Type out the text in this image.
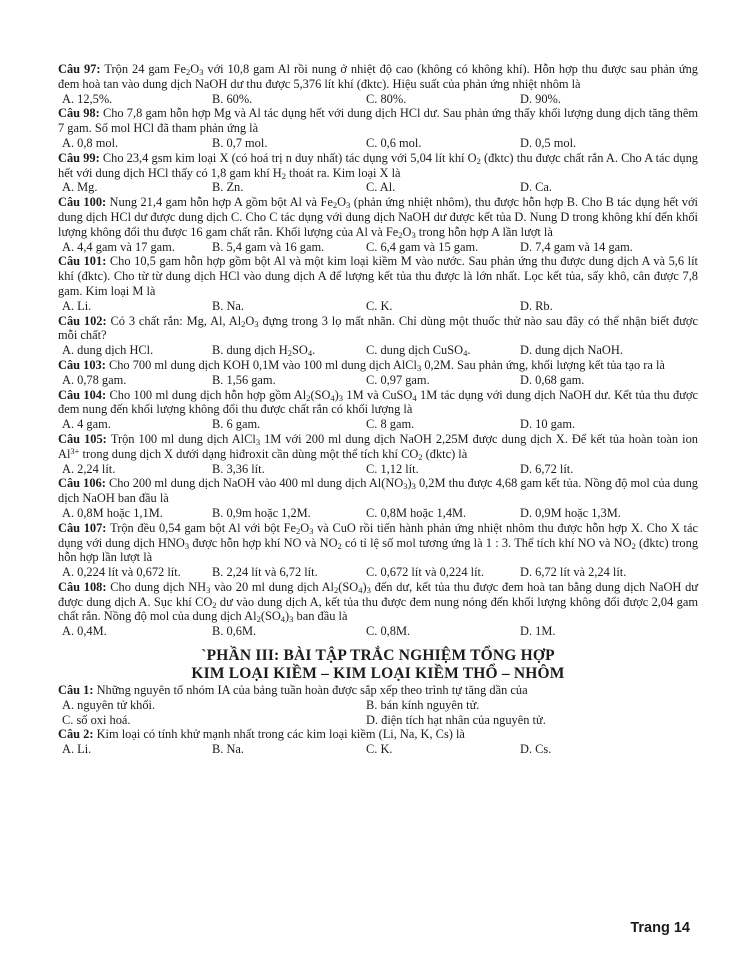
Câu 97: Trộn 24 gam $Fe_2O_3$ với 10,8 gam Al rồi nung ở nhiệt độ cao (không có không khí). Hỗn hợp thu được sau phản ứng đem hoà tan vào dung dịch NaOH dư thu được 5,376 lít khí (đktc). Hiệu suất của phản ứng nhiệt nhôm là

A. 12,5%.	B. 60%.	C. 80%.	D. 90%.

Câu 98: Cho 7,8 gam hỗn hợp Mg và Al tác dụng hết với dung dịch HCl dư. Sau phản ứng thấy khối lượng dung dịch tăng thêm 7 gam. Số mol HCl đã tham phản ứng là

A. 0,8 mol.	B. 0,7 mol.	C. 0,6 mol.	D. 0,5 mol.

Câu 99: Cho 23,4 gsm kim loại X (có hoá trị n duy nhất) tác dụng với 5,04 lít khí $O_2$ (đktc) thu được chất rắn A. Cho A tác dụng hết với dung dịch HCl thấy có 1,8 gam khí $H_2$ thoát ra. Kim loại X là

A. Mg.	B. Zn.	C. Al.	D. Ca.

Câu 100: Nung 21,4 gam hỗn hợp A gồm bột Al và $Fe_2O_3$ (phản ứng nhiệt nhôm), thu được hỗn hợp B. Cho B tác dụng hết với dung dịch HCl dư được dung dịch C. Cho C tác dụng với dung dịch NaOH dư được kết tủa D. Nung D trong không khí đến khối lượng không đổi thu được 16 gam chất rắn. Khối lượng của Al và $Fe_2O_3$ trong hỗn hợp A lần lượt là

A. 4,4 gam và 17 gam.	B. 5,4 gam và 16 gam.	C. 6,4 gam và 15 gam.	D. 7,4 gam và 14 gam.

Câu 101: Cho 10,5 gam hỗn hợp gồm bột Al và một kim loại kiềm M vào nước. Sau phản ứng thu được dung dịch A và 5,6 lít khí (đktc). Cho từ từ dung dịch HCl vào dung dịch A để lượng kết tủa thu được là lớn nhất. Lọc kết tủa, sấy khô, cân được 7,8 gam. Kim loại M là

A. Li.	B. Na.	C. K.	D. Rb.

Câu 102: Có 3 chất rắn: Mg, Al, $Al_2O_3$ đựng trong 3 lọ mất nhãn. Chỉ dùng một thuốc thử nào sau đây có thể nhận biết được mỗi chất?

A. dung dịch HCl.	B. dung dịch $H_2SO_4$.	C. dung dịch CuSO$_4$.	D. dung dịch NaOH.

Câu 103: Cho 700 ml dung dịch KOH 0,1M vào 100 ml dung dịch AlCl$_3$ 0,2M. Sau phản ứng, khối lượng kết tủa tạo ra là

A. 0,78 gam.	B. 1,56 gam.	C. 0,97 gam.	D. 0,68 gam.

Câu 104: Cho 100 ml dung dịch hỗn hợp gồm $Al_2(SO_4)_3$ 1M và CuSO$_4$ 1M tác dụng với dung dịch NaOH dư. Kết tủa thu được đem nung đến khối lượng không đổi thu được chất rắn có khối lượng là

A. 4 gam.	B. 6 gam.	C. 8 gam.	D. 10 gam.

Câu 105: Trộn 100 ml dung dịch AlCl$_3$ 1M với 200 ml dung dịch NaOH 2,25M được dung dịch X. Để kết tủa hoàn toàn ion $Al^{3+}$ trong dung dịch X dưới dạng hiđroxit cần dùng một thể tích khí $CO_2$ (đktc) là

A. 2,24 lít.	B. 3,36 lít.	C. 1,12 lít.	D. 6,72 lít.

Câu 106: Cho 200 ml dung dịch NaOH vào 400 ml dung dịch $Al(NO_3)_3$ 0,2M thu được 4,68 gam kết tủa. Nồng độ mol của dung dịch NaOH ban đầu là

A. 0,8M hoặc 1,1M.	B. 0,9m hoặc 1,2M.	C. 0,8M hoặc 1,4M.	D. 0,9M hoặc 1,3M.

Câu 107: Trộn đều 0,54 gam bột Al với bột $Fe_2O_3$ và CuO rồi tiến hành phản ứng nhiệt nhôm thu được hỗn hợp X. Cho X tác dụng với dung dịch $HNO_3$ được hỗn hợp khí NO và $NO_2$ có tỉ lệ số mol tương ứng là 1 : 3. Thể tích khí NO và $NO_2$ (đktc) trong hỗn hợp lần lượt là

A. 0,224 lít và 0,672 lít.	B. 2,24 lít và 6,72 lít.	C. 0,672 lít và 0,224 lít.	D. 6,72 lít và 2,24 lít.

Câu 108: Cho dung dịch $NH_3$ vào 20 ml dung dịch $Al_2(SO_4)_3$ đến dư, kết tủa thu được đem hoà tan bằng dung dịch NaOH dư được dung dịch A. Sục khí $CO_2$ dư vào dung dịch A, kết tủa thu được đem nung nóng đến khối lượng không đổi được 2,04 gam chất rắn. Nồng độ mol của dung dịch $Al_2(SO_4)_3$ ban đầu là

A. 0,4M.	B. 0,6M.	C. 0,8M.	D. 1M.
`PHẦN III: BÀI TẬP TRẮC NGHIỆM TỔNG HỢP
KIM LOẠI KIỀM – KIM LOẠI KIỀM THỔ – NHÔM

Câu 1: Những nguyên tố nhóm IA của bảng tuần hoàn được sắp xếp theo trình tự tăng dần của

A. nguyên tử khối.	B. bán kính nguyên tử.
C. số oxi hoá.	D. điện tích hạt nhân của nguyên tử.

Câu 2: Kim loại có tính khử mạnh nhất trong các kim loại kiềm (Li, Na, K, Cs) là

A. Li.	B. Na.	C. K.	D. Cs.
Trang 14
